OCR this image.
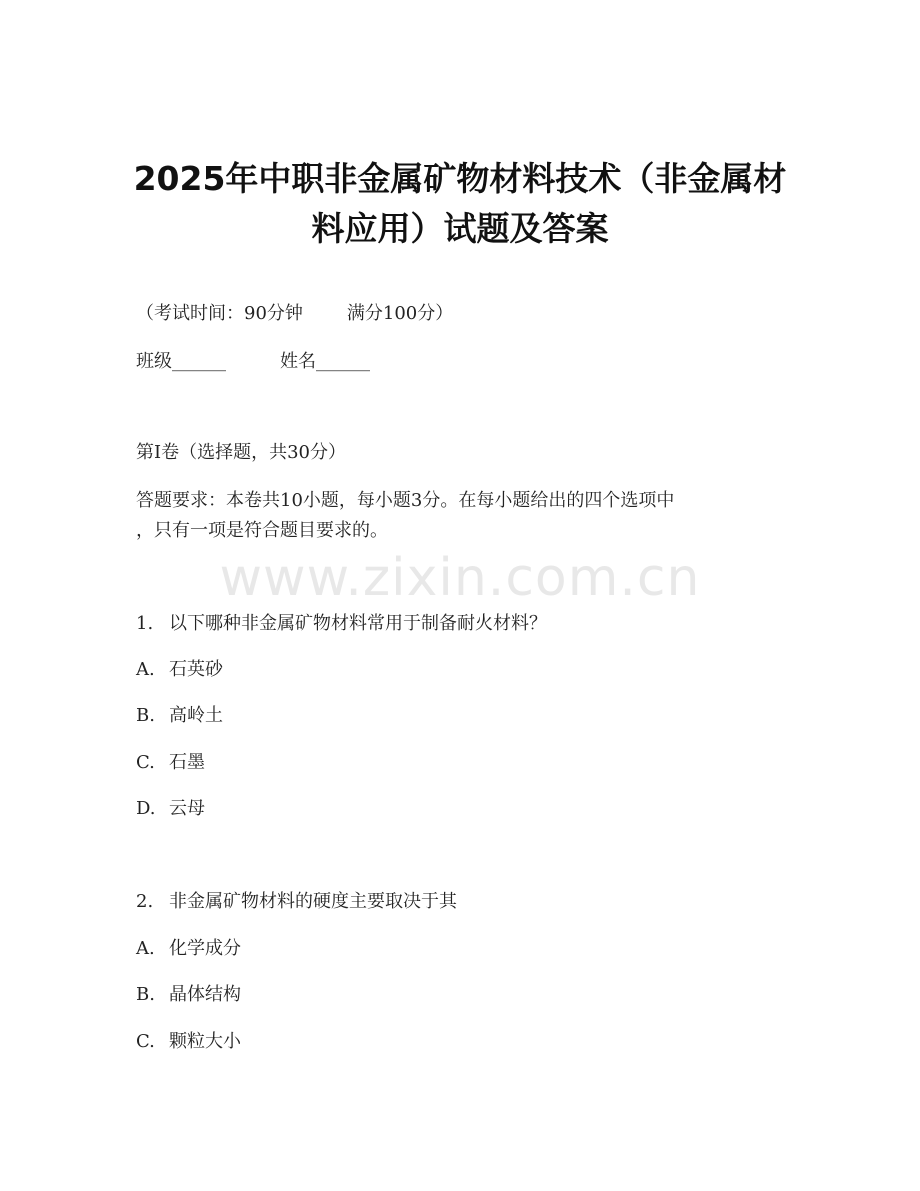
2025年中职非金属矿物材料技术（非金属材
料应用）试题及答案
（考试时间：90分钟 满分100分）
班级______	姓名______
第Ⅰ卷（选择题，共30分）
答题要求：本卷共10小题，每小题3分。在每小题给出的四个选项中
，只有一项是符合题目要求的。
www.zixin.com.cn
1. 以下哪种非金属矿物材料常用于制备耐火材料？
A. 石英砂
B. 高岭土
C. 石墨
D. 云母
2. 非金属矿物材料的硬度主要取决于其
A. 化学成分
B. 晶体结构
C. 颗粒大小
